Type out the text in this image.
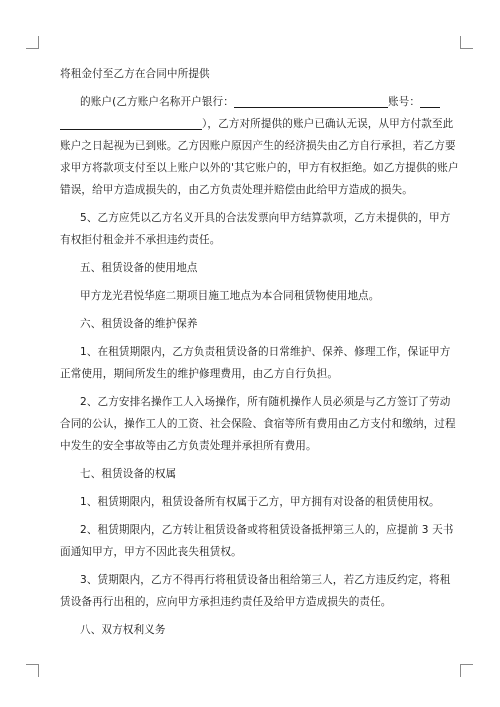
将租金付至乙方在合同中所提供
的账户(乙方账户名称开户银行：	账号：
），乙方对所提供的账户已确认无误，从甲方付款至此
账户之日起视为已到账。乙方因账户原因产生的经济损失由乙方自行承担，若乙方要
求甲方将款项支付至以上账户以外的'其它账户的，甲方有权拒绝。如乙方提供的账户
错误，给甲方造成损失的，由乙方负责处理并赔偿由此给甲方造成的损失。
5、乙方应凭以乙方名义开具的合法发票向甲方结算款项，乙方未提供的，甲方
有权拒付租金并不承担违约责任。
五、租赁设备的使用地点
甲方龙光君悦华庭二期项目施工地点为本合同租赁物使用地点。
六、租赁设备的维护保养
1、在租赁期限内，乙方负责租赁设备的日常维护、保养、修理工作，保证甲方
正常使用，期间所发生的维护修理费用，由乙方自行负担。
2、乙方安排名操作工人入场操作，所有随机操作人员必须是与乙方签订了劳动
合同的公认，操作工人的工资、社会保险、食宿等所有费用由乙方支付和缴纳，过程
中发生的安全事故等由乙方负责处理并承担所有费用。
七、租赁设备的权属
1、租赁期限内，租赁设备所有权属于乙方，甲方拥有对设备的租赁使用权。
2、租赁期限内，乙方转让租赁设备或将租赁设备抵押第三人的，应提前 3 天书
面通知甲方，甲方不因此丧失租赁权。
3、赁期限内，乙方不得再行将租赁设备出租给第三人，若乙方违反约定，将租
赁设备再行出租的，应向甲方承担违约责任及给甲方造成损失的责任。
八、双方权利义务
